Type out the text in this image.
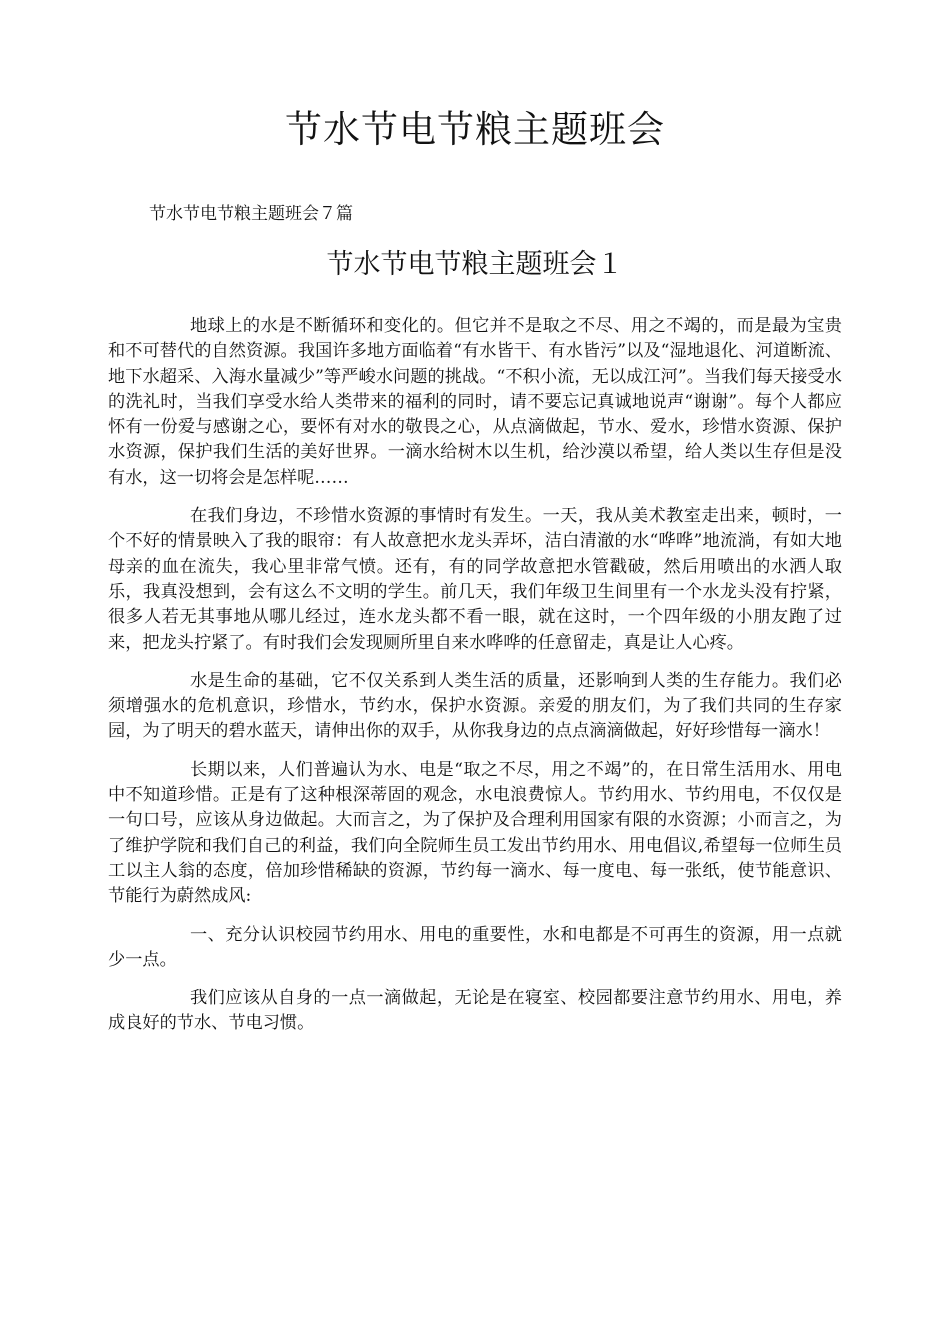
节水节电节粮主题班会

节水节电节粮主题班会７篇

节水节电节粮主题班会１

地球上的水是不断循环和变化的。但它并不是取之不尽、用之不竭的，而是最为宝贵和不可替代的自然资源。我国许多地方面临着“有水皆干、有水皆污”以及“湿地退化、河道断流、地下水超采、入海水量减少”等严峻水问题的挑战。“不积小流，无以成江河”。当我们每天接受水的洗礼时，当我们享受水给人类带来的福利的同时，请不要忘记真诚地说声“谢谢”。每个人都应怀有一份爱与感谢之心，要怀有对水的敬畏之心，从点滴做起，节水、爱水，珍惜水资源、保护水资源，保护我们生活的美好世界。一滴水给树木以生机，给沙漠以希望，给人类以生存但是没有水，这一切将会是怎样呢……

在我们身边，不珍惜水资源的事情时有发生。一天，我从美术教室走出来，顿时，一个不好的情景映入了我的眼帘：有人故意把水龙头弄坏，洁白清澈的水“哗哗”地流淌，有如大地母亲的血在流失，我心里非常气愤。还有，有的同学故意把水管戳破，然后用喷出的水洒人取乐，我真没想到，会有这么不文明的学生。前几天，我们年级卫生间里有一个水龙头没有拧紧，很多人若无其事地从哪儿经过，连水龙头都不看一眼，就在这时，一个四年级的小朋友跑了过来，把龙头拧紧了。有时我们会发现厕所里自来水哗哗的任意留走，真是让人心疼。

水是生命的基础，它不仅关系到人类生活的质量，还影响到人类的生存能力。我们必须增强水的危机意识，珍惜水，节约水，保护水资源。亲爱的朋友们，为了我们共同的生存家园，为了明天的碧水蓝天，请伸出你的双手，从你我身边的点点滴滴做起，好好珍惜每一滴水！

长期以来，人们普遍认为水、电是“取之不尽，用之不竭”的，在日常生活用水、用电中不知道珍惜。正是有了这种根深蒂固的观念，水电浪费惊人。节约用水、节约用电，不仅仅是一句口号，应该从身边做起。大而言之，为了保护及合理利用国家有限的水资源；小而言之，为了维护学院和我们自己的利益，我们向全院师生员工发出节约用水、用电倡议,希望每一位师生员工以主人翁的态度，倍加珍惜稀缺的资源，节约每一滴水、每一度电、每一张纸，使节能意识、节能行为蔚然成风:

一、充分认识校园节约用水、用电的重要性，水和电都是不可再生的资源，用一点就少一点。

我们应该从自身的一点一滴做起，无论是在寝室、校园都要注意节约用水、用电，养成良好的节水、节电习惯。
